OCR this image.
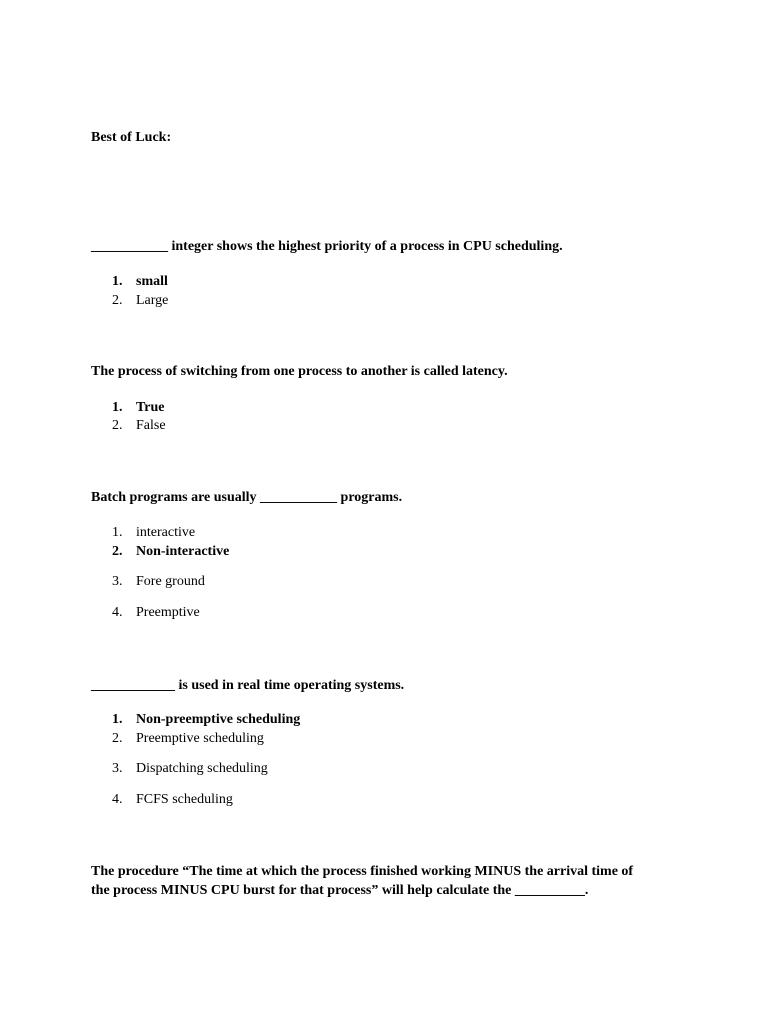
Best of Luck:
___________ integer shows the highest priority of a process in CPU scheduling.
1. small
2. Large
The process of switching from one process to another is called latency.
1. True
2. False
Batch programs are usually ___________ programs.
1. interactive
2. Non-interactive
3. Fore ground
4. Preemptive
____________ is used in real time operating systems.
1. Non-preemptive scheduling
2. Preemptive scheduling
3. Dispatching scheduling
4. FCFS scheduling
The procedure “The time at which the process finished working MINUS the arrival time of
the process MINUS CPU burst for that process” will help calculate the __________.
